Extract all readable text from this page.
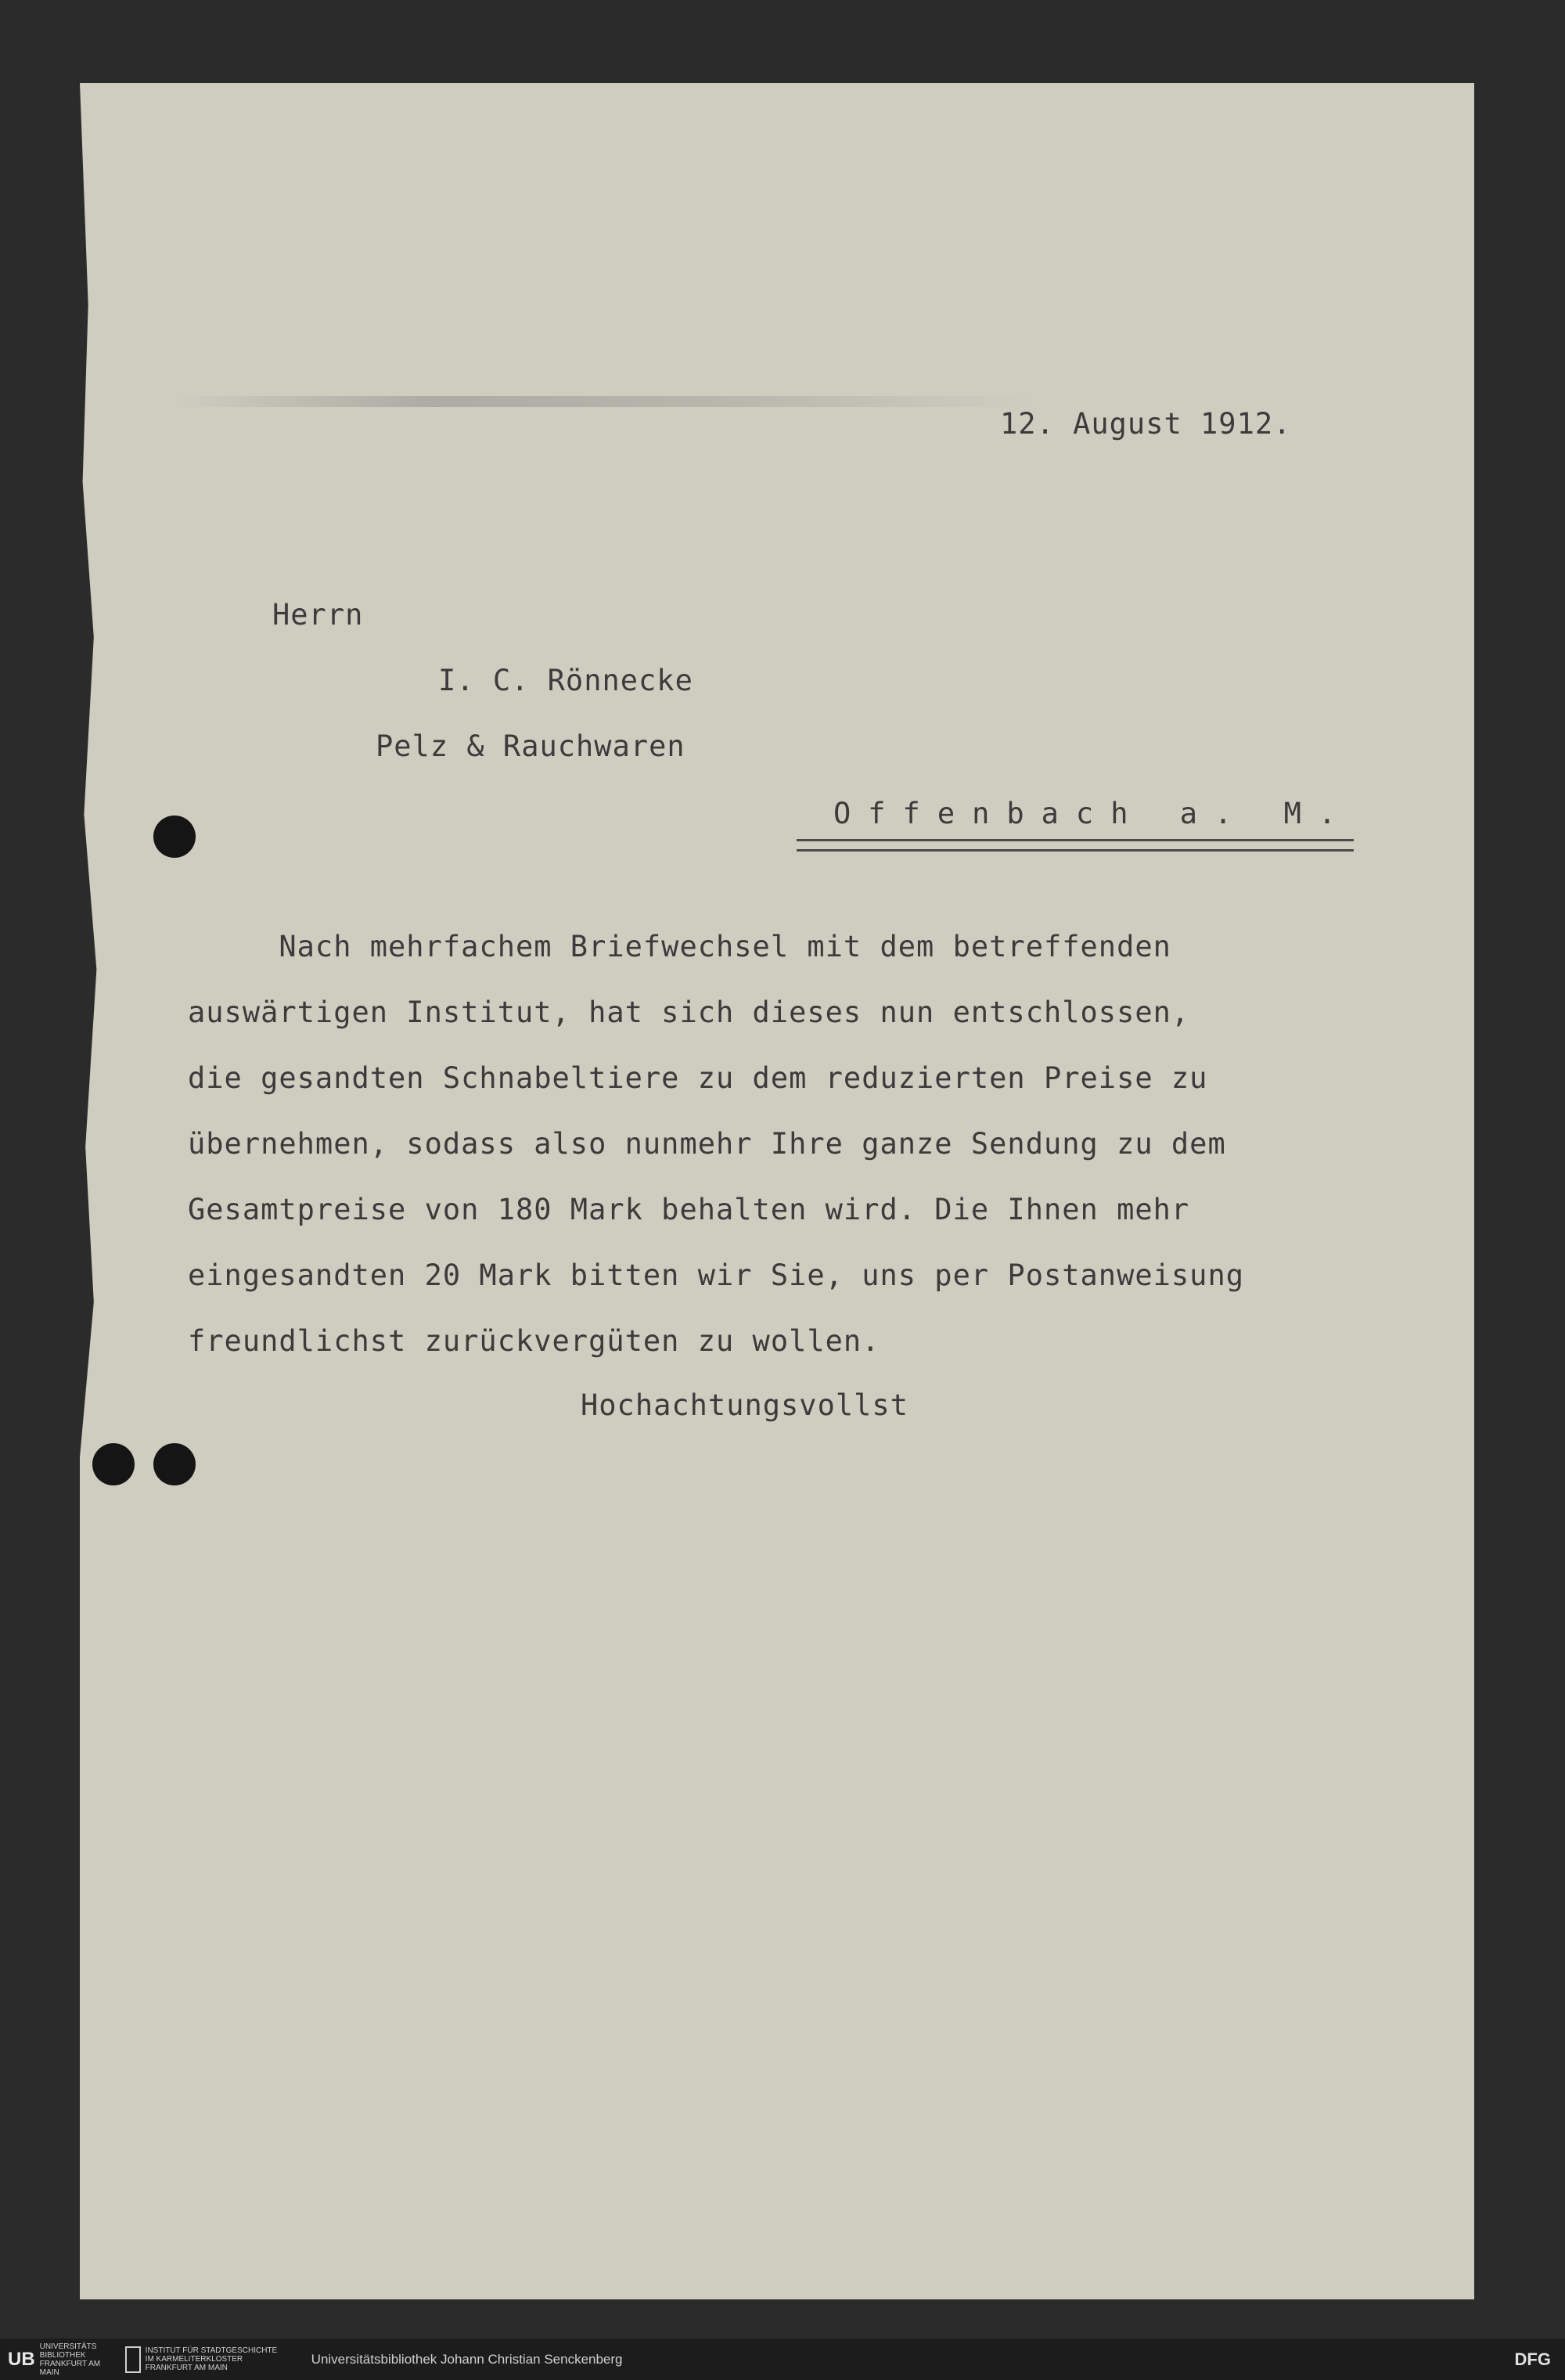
12. August 1912.
Herrn
I. C. Rönnecke
Pelz & Rauchwaren
Offenbach a. M.
Nach mehrfachem Briefwechsel mit dem betreffenden
auswärtigen Institut, hat sich dieses nun entschlossen,
die gesandten Schnabeltiere zu dem reduzierten Preise zu
übernehmen, sodass also nunmehr Ihre ganze Sendung zu dem
Gesamtpreise von 180 Mark behalten wird. Die Ihnen mehr
eingesandten 20 Mark bitten wir Sie, uns per Postanweisung
freundlichst zurückvergüten zu wollen.
Hochachtungsvollst
UB
UNIVERSITÄTS BIBLIOTHEK FRANKFURT AM MAIN
INSTITUT FÜR STADTGESCHICHTE IM KARMELITERKLOSTER FRANKFURT AM MAIN
Universitätsbibliothek Johann Christian Senckenberg	DFG
